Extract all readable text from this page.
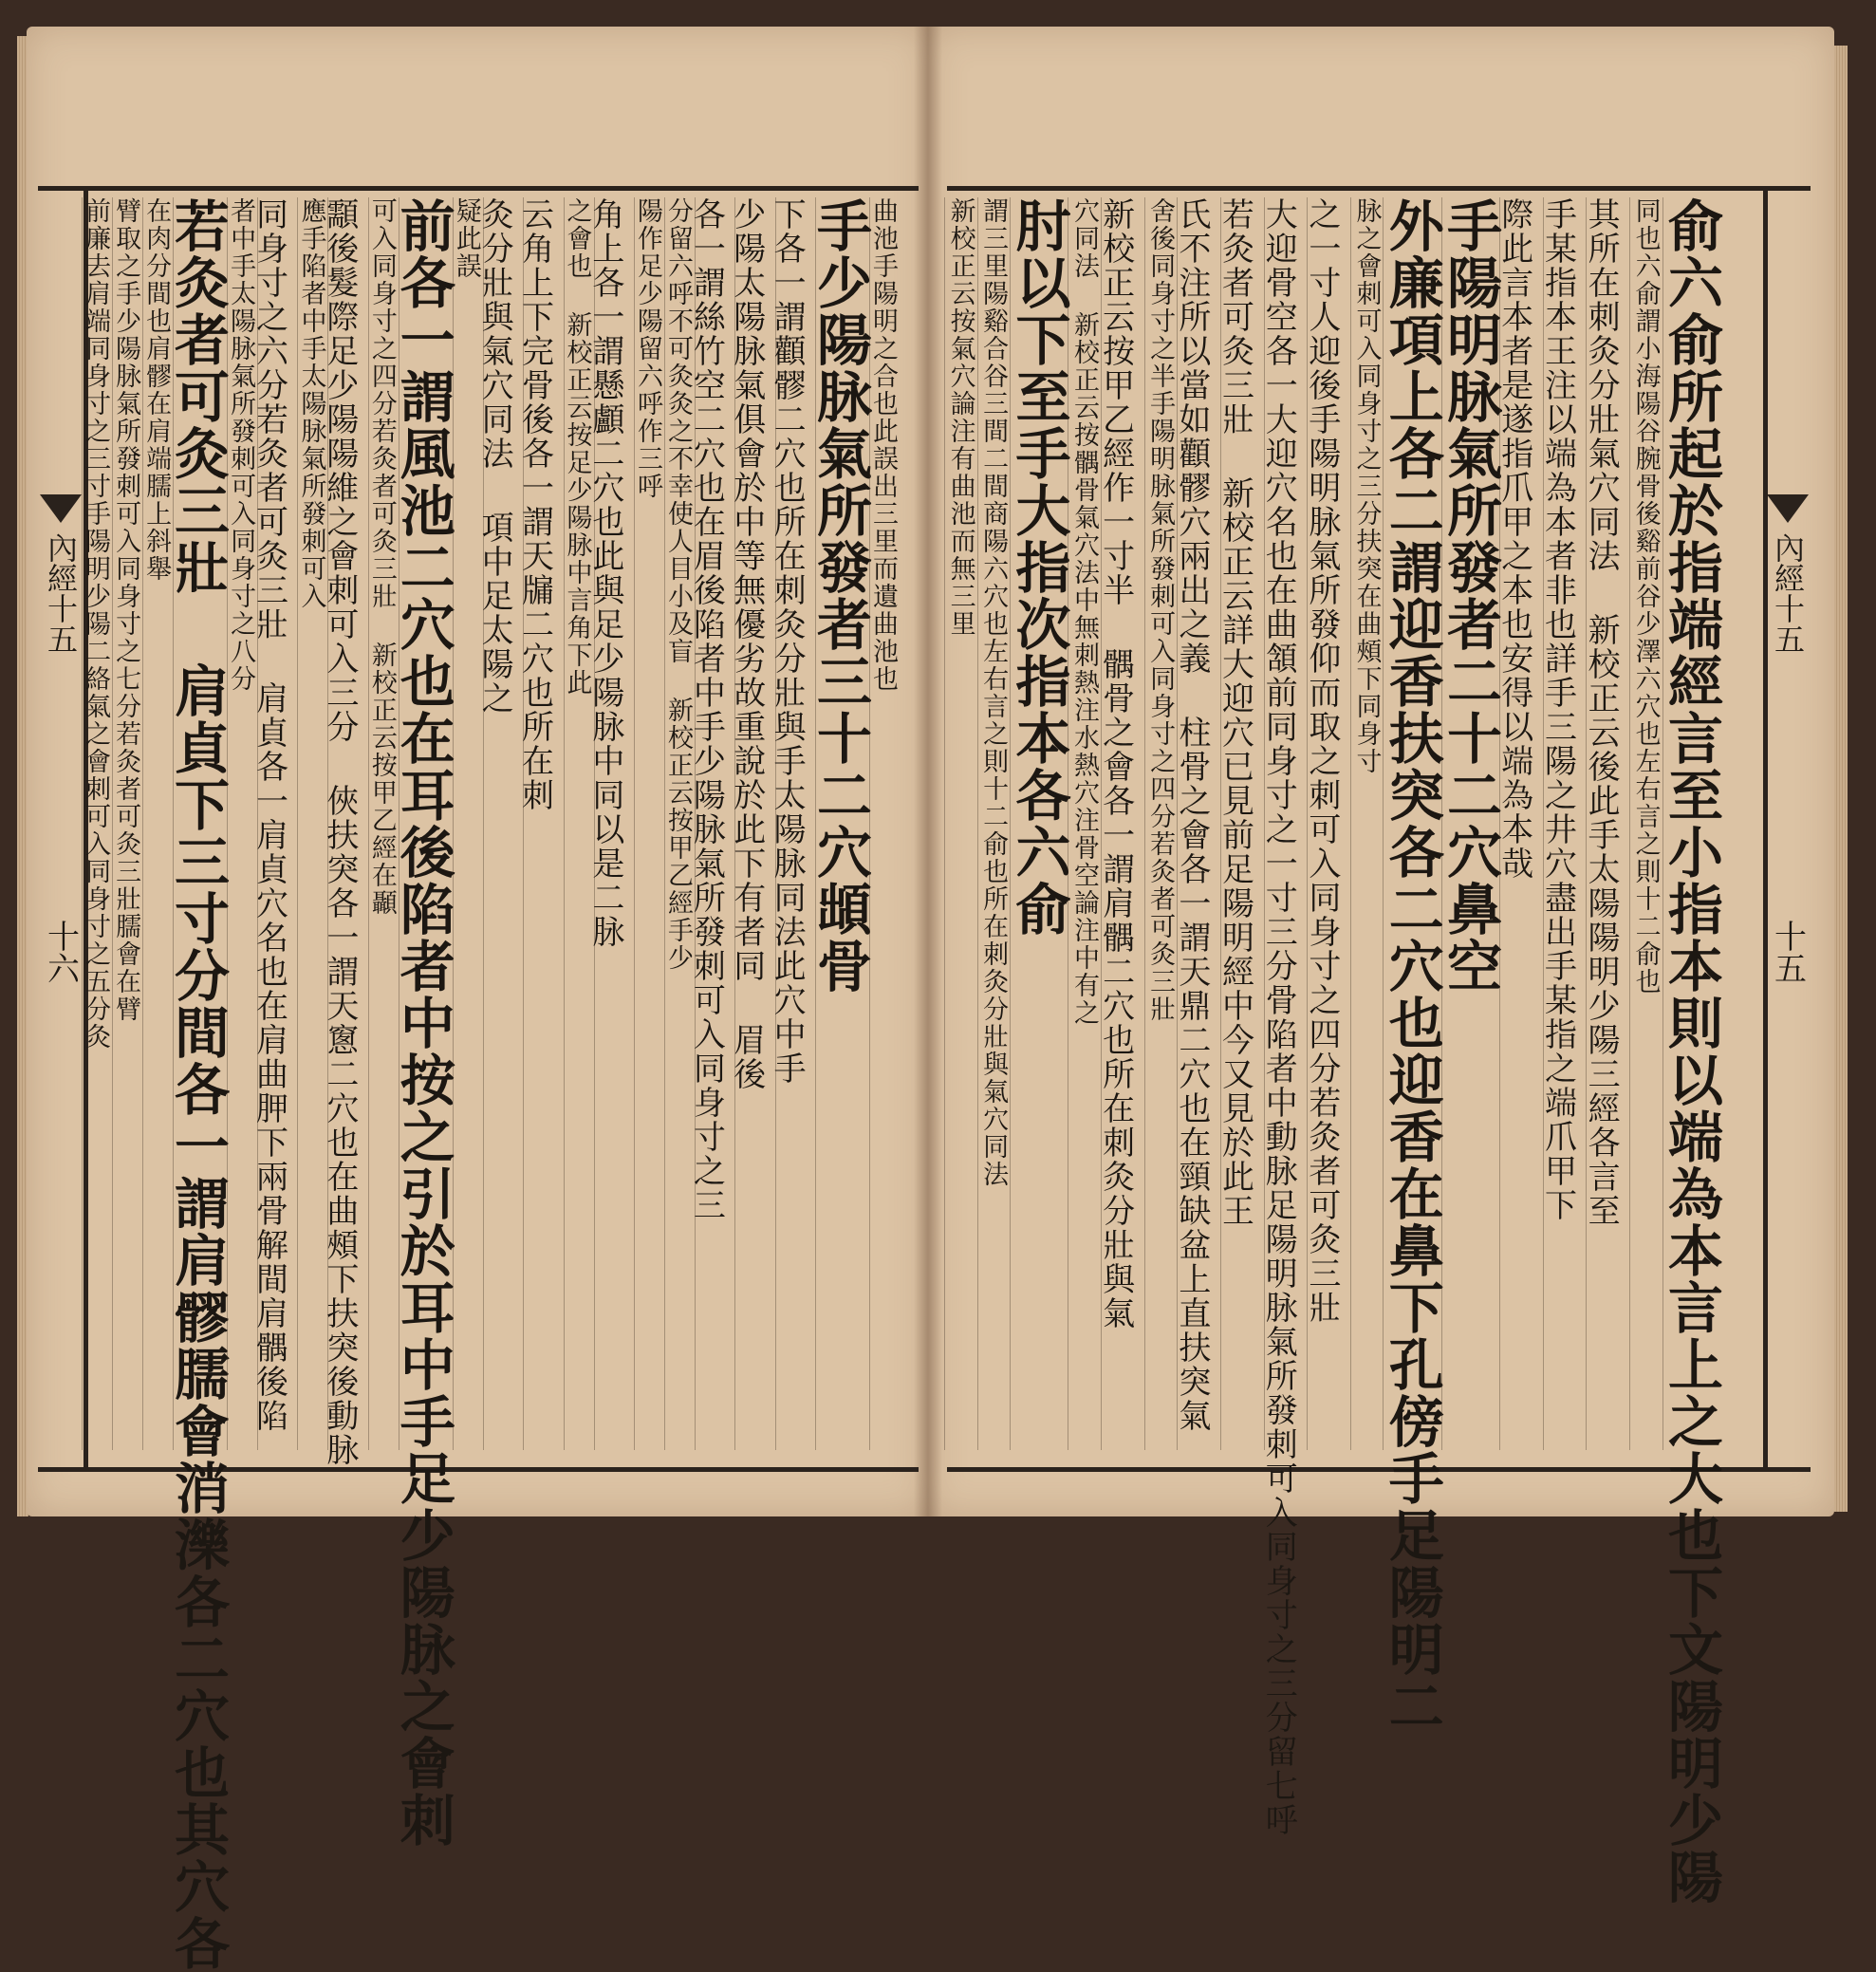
內經十五
十六
內經十五
十五
曲池手陽明之合也此誤出三里而遺曲池也
手少陽脉氣所發者三十二穴䪼骨
下各一謂顴髎二穴也所在刺灸分壯與手太陽脉同法此穴中手
少陽太陽脉氣俱會於中等無優劣故重說於此下有者同 眉後
各一謂絲竹空二穴也在眉後陷者中手少陽脉氣所發刺可入同身寸之三
分留六呼不可灸灸之不幸使人目小及盲 新校正云按甲乙經手少
陽作足少陽留六呼作三呼
角上各一謂懸顱二穴也此與足少陽脉中同以是二脉
之會也 新校正云按足少陽脉中言角下此
云角上下完骨後各一謂天牖二穴也所在刺
灸分壯與氣穴同法 項中足太陽之
疑此誤
前各一謂風池二穴也在耳後陷者中按之引於耳中手足少陽脉之會刺
可入同身寸之四分若灸者可灸三壯 新校正云按甲乙經在顳
顬後髮際足少陽陽維之會刺可入三分 俠扶突各一謂天窻二穴也在曲頰下扶突後動脉
應手陷者中手太陽脉氣所發刺可入
同身寸之六分若灸者可灸三壯 肩貞各一肩貞穴名也在肩曲胛下兩骨解間肩髃後陷
者中手太陽脉氣所發刺可入同身寸之八分
若灸者可灸三壯 肩貞下三寸分間各一謂肩髎臑會消濼各二穴也其穴各
在肉分間也肩髎在肩端臑上斜舉
臂取之手少陽脉氣所發刺可入同身寸之七分若灸者可灸三壯臑會在臂
前廉去肩端同身寸之三寸手陽明少陽二絡氣之會刺可入同身寸之五分灸	俞六俞所起於指端經言至小指本則以端為本言上之大也下文陽明少陽
同也六俞謂小海陽谷腕骨後谿前谷少澤六穴也左右言之則十二俞也
其所在刺灸分壯氣穴同法 新校正云後此手太陽陽明少陽三經各言至
手某指本王注以端為本者非也詳手三陽之井穴盡出手某指之端爪甲下
際此言本者是遂指爪甲之本也安得以端為本哉
手陽明脉氣所發者二十二穴鼻空
外廉項上各二謂迎香扶突各二穴也迎香在鼻下孔傍手足陽明二
脉之會刺可入同身寸之三分扶突在曲頰下同身寸
之一寸人迎後手陽明脉氣所發仰而取之刺可入同身寸之四分若灸者可灸三壯
大迎骨空各一大迎穴名也在曲頷前同身寸之一寸三分骨陷者中動脉足陽明脉氣所發刺可入同身寸之三分留七呼
若灸者可灸三壯 新校正云詳大迎穴已見前足陽明經中今又見於此王
氏不注所以當如顴髎穴兩出之義 柱骨之會各一謂天鼎二穴也在頸缺盆上直扶突氣
舍後同身寸之半手陽明脉氣所發刺可入同身寸之四分若灸者可灸三壯
新校正云按甲乙經作一寸半 髃骨之會各一謂肩髃二穴也所在刺灸分壯與氣
穴同法 新校正云按髃骨氣穴法中無刺熱注水熱穴注骨空論注中有之
肘以下至手大指次指本各六俞
謂三里陽谿合谷三間二間商陽六穴也左右言之則十二俞也所在刺灸分壯與氣穴同法
新校正云按氣穴論注有曲池而無三里
